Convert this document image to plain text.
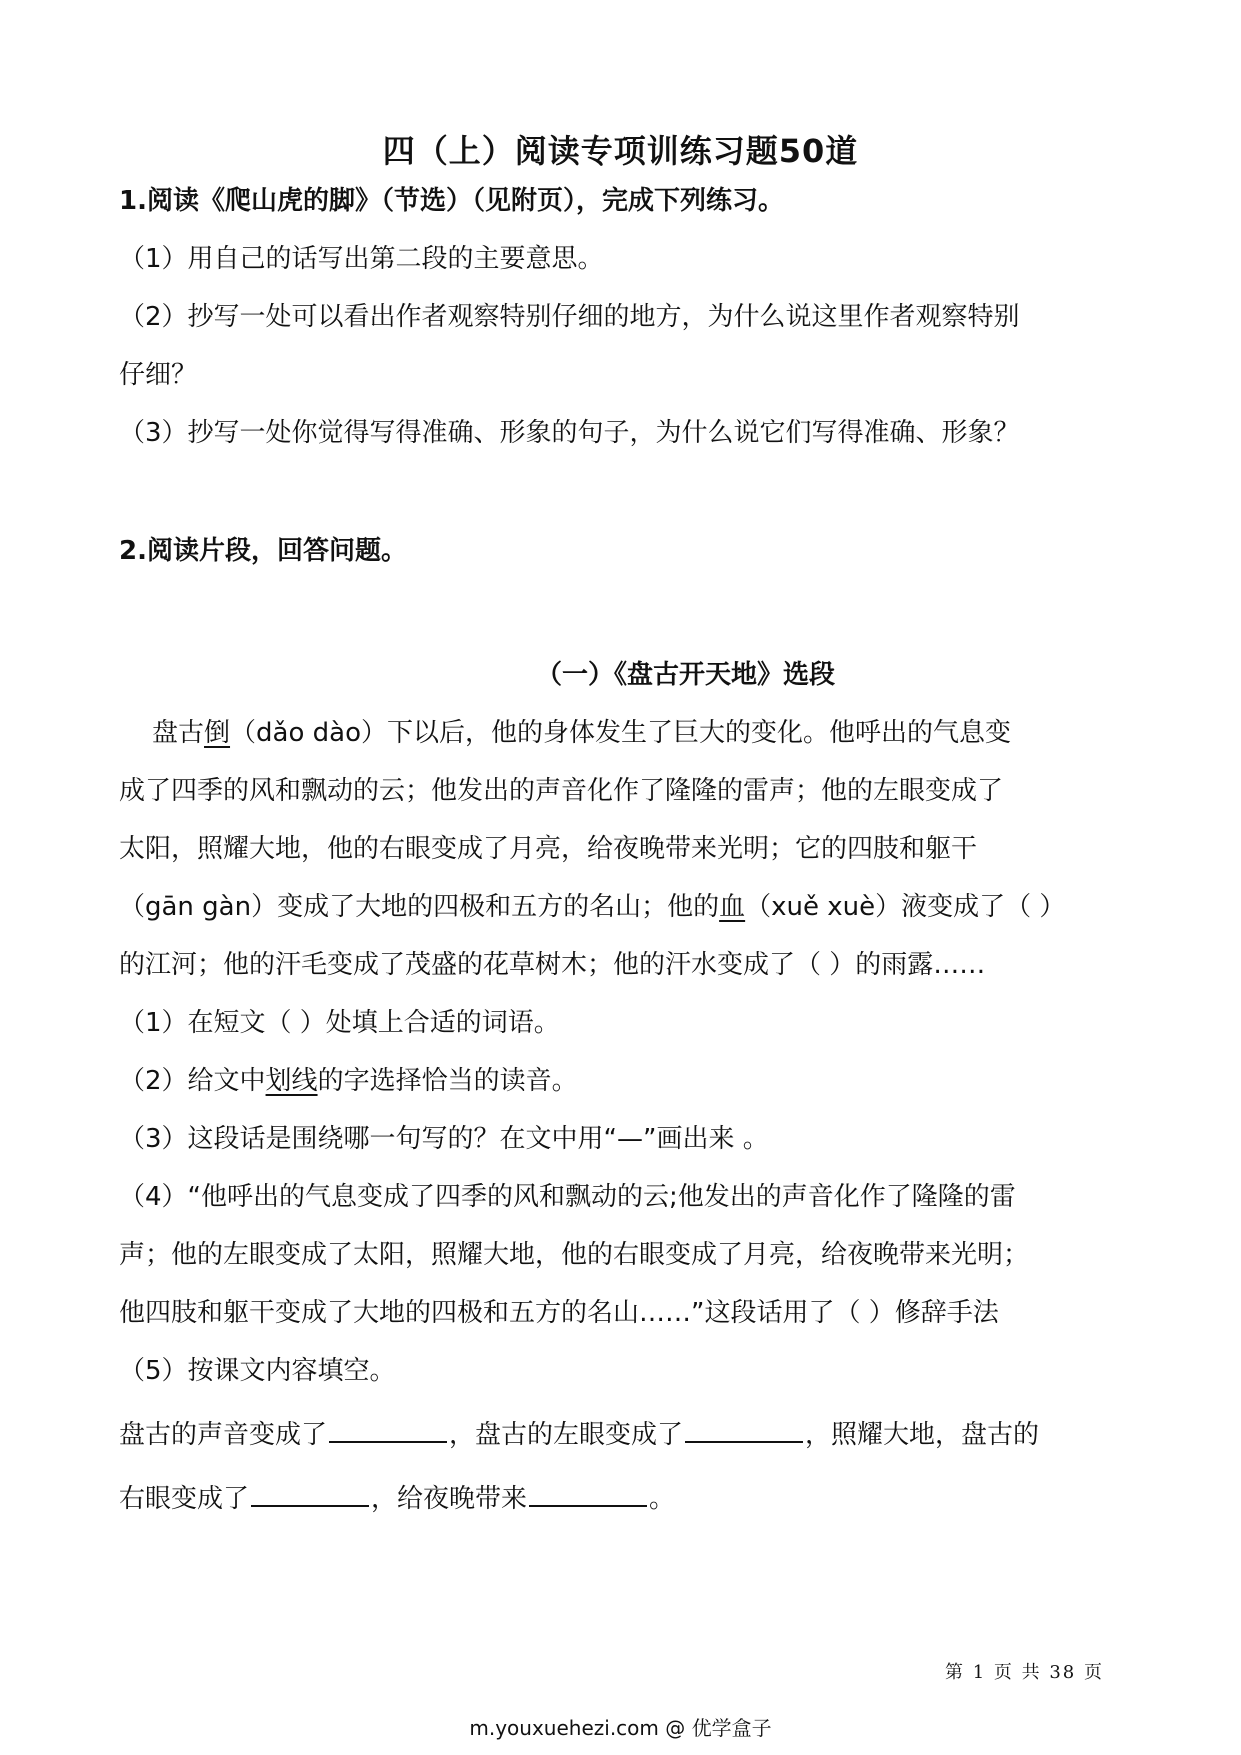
四（上）阅读专项训练习题50道
1.阅读《爬山虎的脚》（节选）（见附页），完成下列练习。
（1）用自己的话写出第二段的主要意思。
（2）抄写一处可以看出作者观察特别仔细的地方，为什么说这里作者观察特别
仔细？
（3）抄写一处你觉得写得准确、形象的句子，为什么说它们写得准确、形象？
2.阅读片段，回答问题。
（一）《盘古开天地》选段
盘古倒（dǎo dào）下以后，他的身体发生了巨大的变化。他呼出的气息变
成了四季的风和飘动的云；他发出的声音化作了隆隆的雷声；他的左眼变成了
太阳，照耀大地，他的右眼变成了月亮，给夜晚带来光明；它的四肢和躯干
（gān gàn）变成了大地的四极和五方的名山；他的血（xuě xuè）液变成了（ ）
的江河；他的汗毛变成了茂盛的花草树木；他的汗水变成了（ ）的雨露……
（1）在短文（ ）处填上合适的词语。
（2）给文中划线的字选择恰当的读音。
（3）这段话是围绕哪一句写的？在文中用“—”画出来 。
（4）“他呼出的气息变成了四季的风和飘动的云;他发出的声音化作了隆隆的雷
声；他的左眼变成了太阳，照耀大地，他的右眼变成了月亮，给夜晚带来光明；
他四肢和躯干变成了大地的四极和五方的名山……”这段话用了（ ）修辞手法
（5）按课文内容填空。
盘古的声音变成了	，盘古的左眼变成了	，照耀大地，盘古的
右眼变成了	，给夜晚带来	。
第 1 页 共 38 页
m.youxuehezi.com @ 优学盒子
